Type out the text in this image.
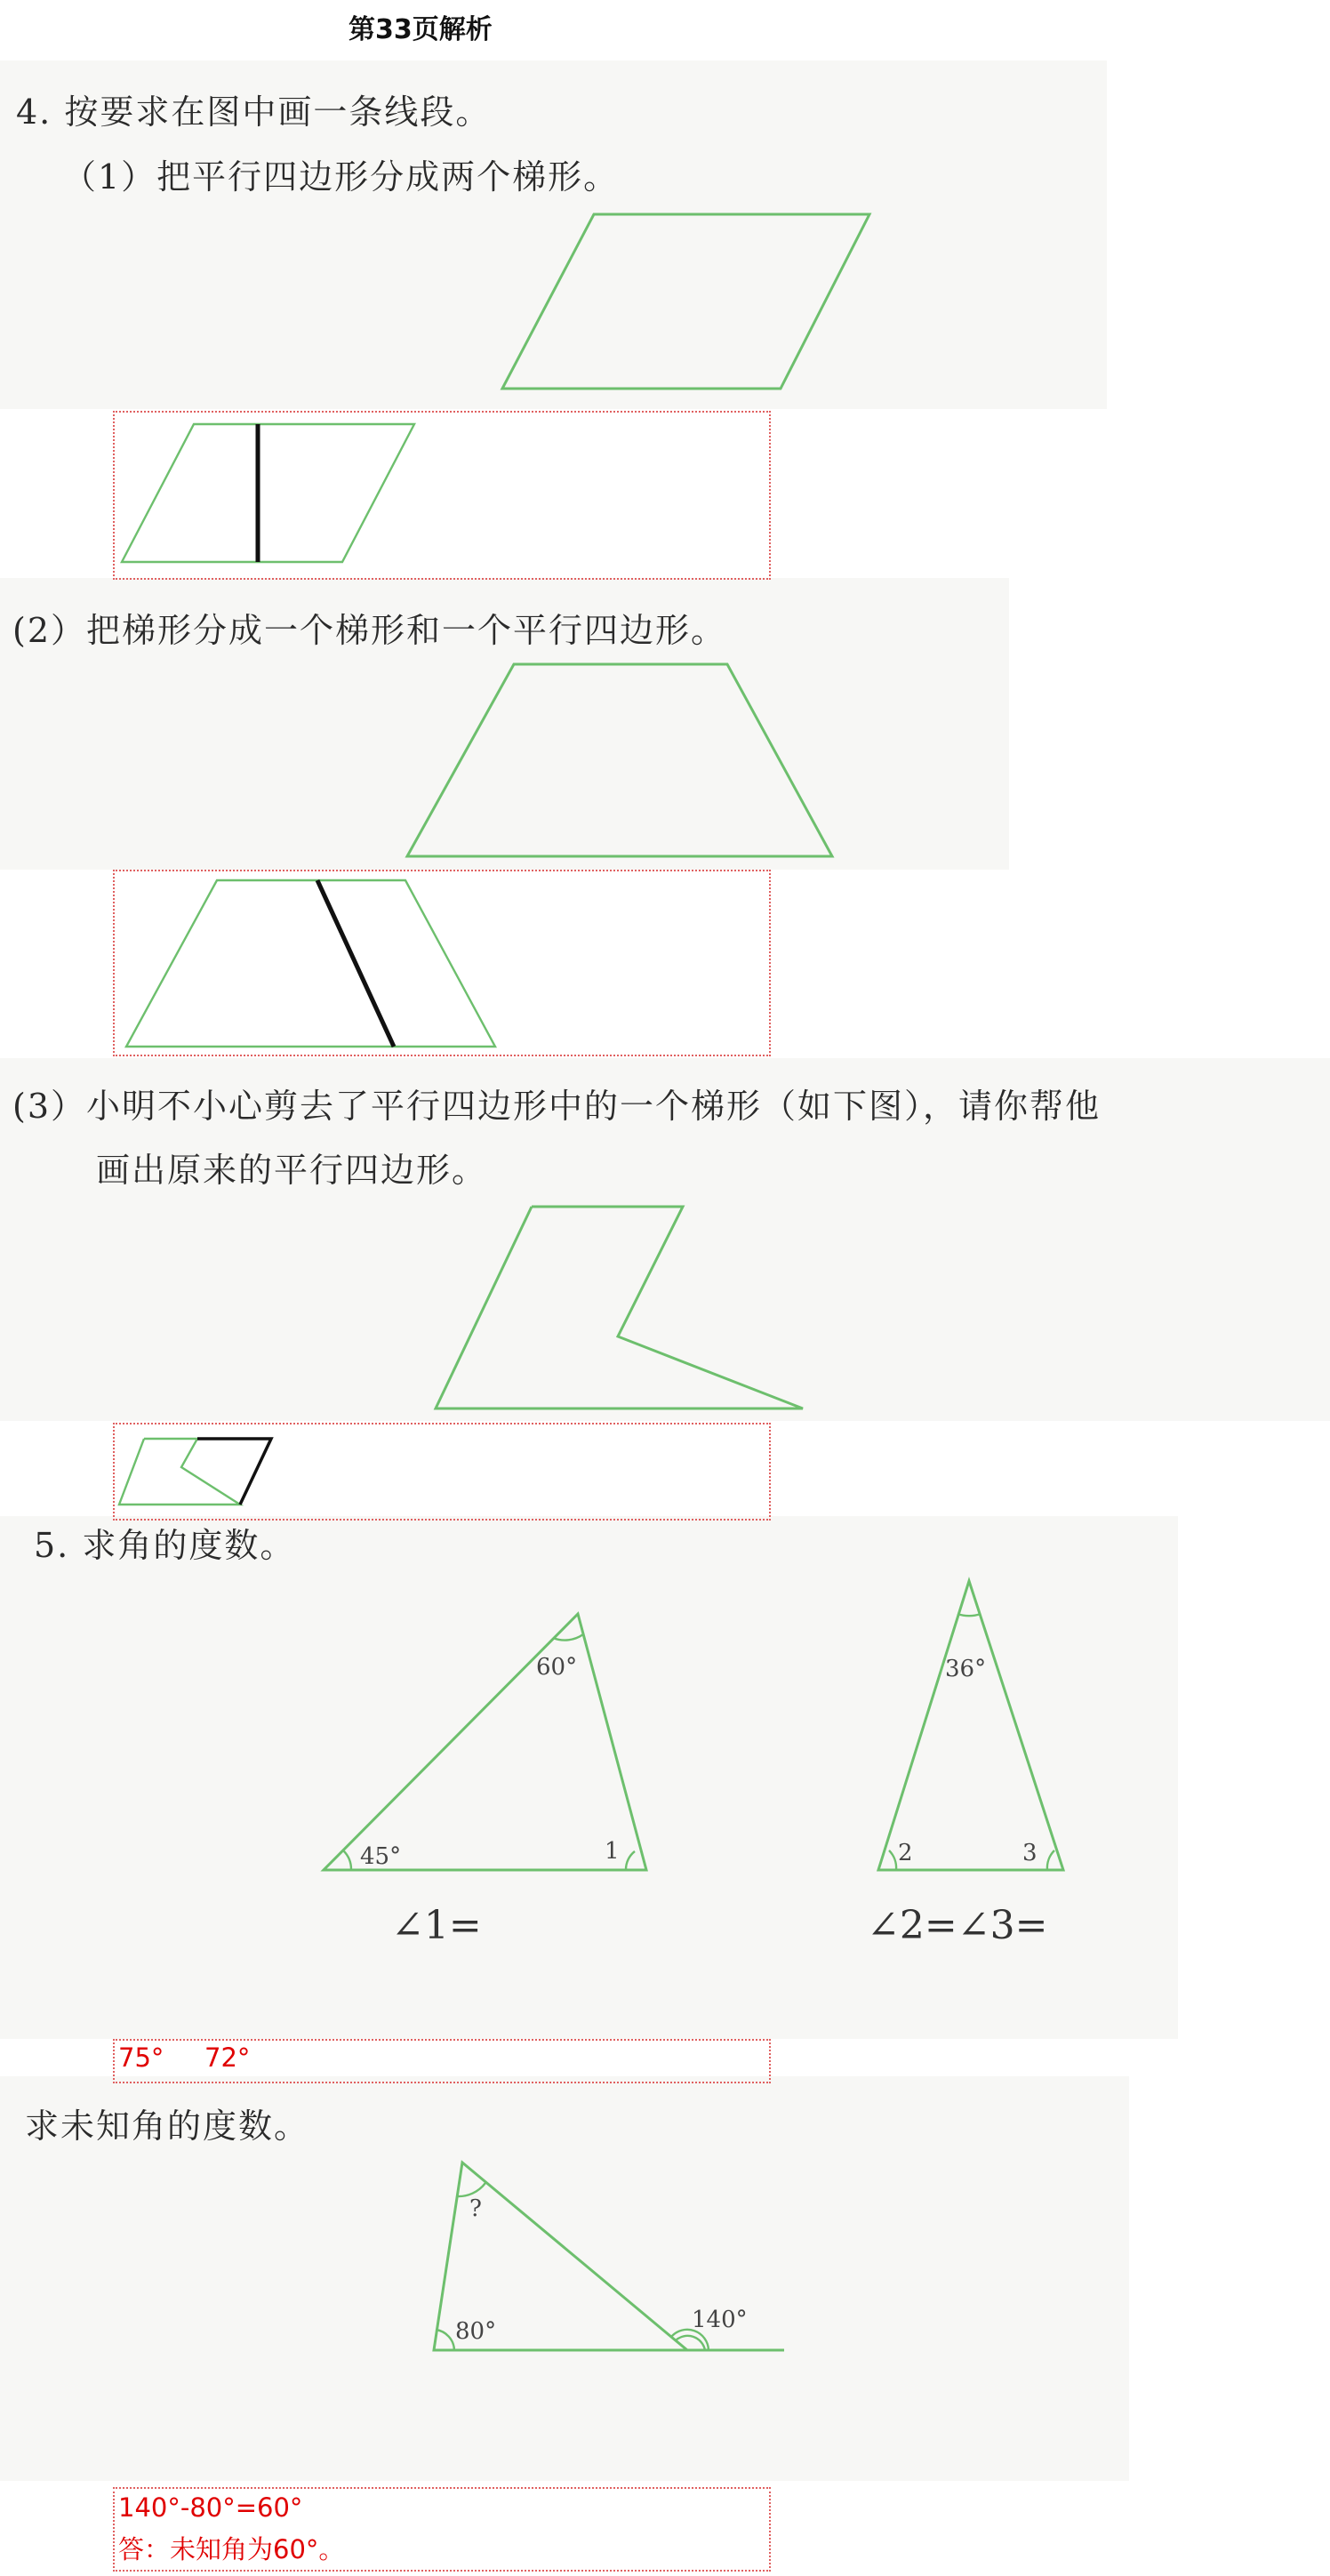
第33页解析
4. 按要求在图中画一条线段。
（1）把平行四边形分成两个梯形。
(2）把梯形分成一个梯形和一个平行四边形。
(3）小明不小心剪去了平行四边形中的一个梯形（如下图），请你帮他
画出原来的平行四边形。
5. 求角的度数。
60°
45°	1
∠1=
36°
2	3
∠2=∠3=
75° 72°
求未知角的度数。
?
80°	140°
140°-80°=60°
答：未知角为60°。
